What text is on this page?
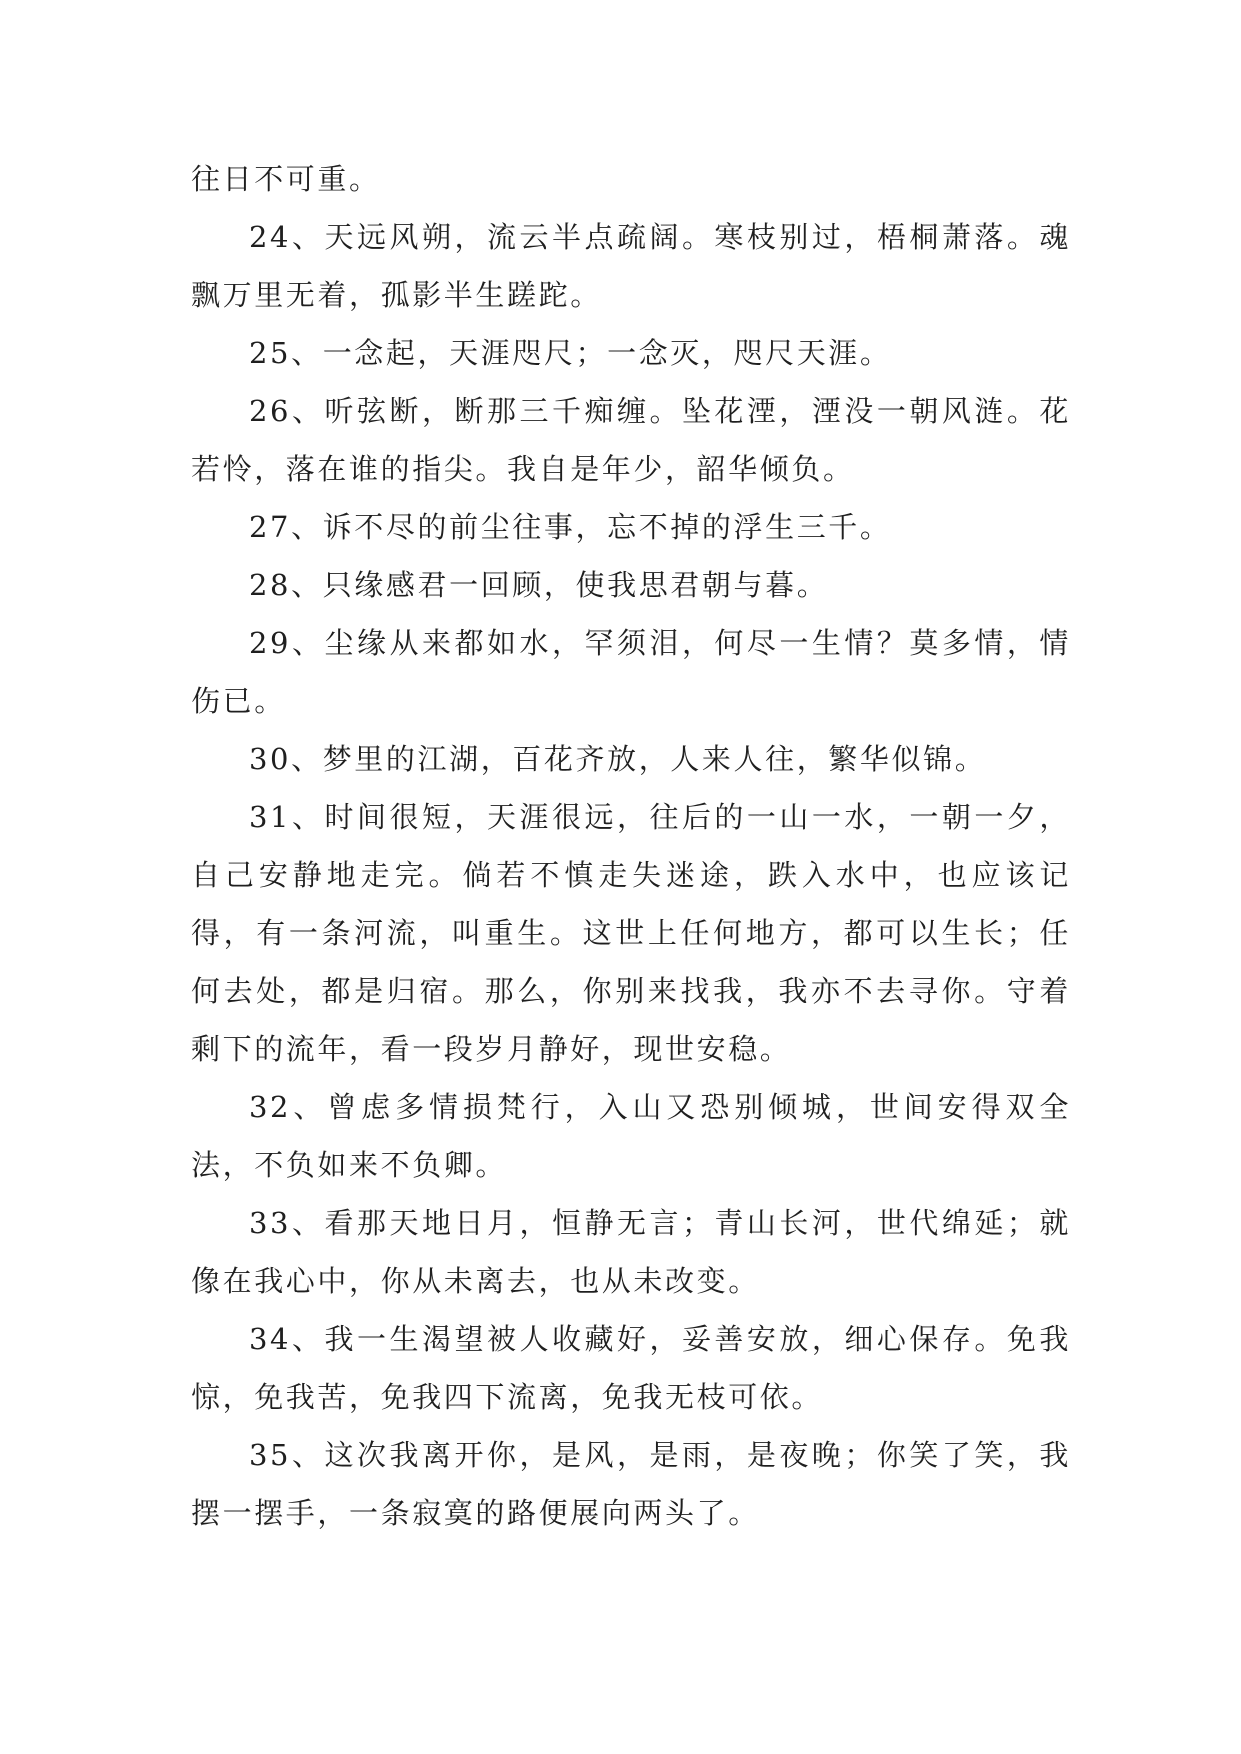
往日不可重。

24、天远风朔，流云半点疏阔。寒枝别过，梧桐萧落。魂飘万里无着，孤影半生蹉跎。

25、一念起，天涯咫尺；一念灭，咫尺天涯。

26、听弦断，断那三千痴缠。坠花湮，湮没一朝风涟。花若怜，落在谁的指尖。我自是年少，韶华倾负。

27、诉不尽的前尘往事，忘不掉的浮生三千。

28、只缘感君一回顾，使我思君朝与暮。

29、尘缘从来都如水，罕须泪，何尽一生情？莫多情，情伤已。

30、梦里的江湖，百花齐放，人来人往，繁华似锦。

31、时间很短，天涯很远，往后的一山一水，一朝一夕，自己安静地走完。倘若不慎走失迷途，跌入水中，也应该记得，有一条河流，叫重生。这世上任何地方，都可以生长；任何去处，都是归宿。那么，你别来找我，我亦不去寻你。守着剩下的流年，看一段岁月静好，现世安稳。

32、曾虑多情损梵行，入山又恐别倾城，世间安得双全法，不负如来不负卿。

33、看那天地日月，恒静无言；青山长河，世代绵延；就像在我心中，你从未离去，也从未改变。

34、我一生渴望被人收藏好，妥善安放，细心保存。免我惊，免我苦，免我四下流离，免我无枝可依。

35、这次我离开你，是风，是雨，是夜晚；你笑了笑，我摆一摆手，一条寂寞的路便展向两头了。
